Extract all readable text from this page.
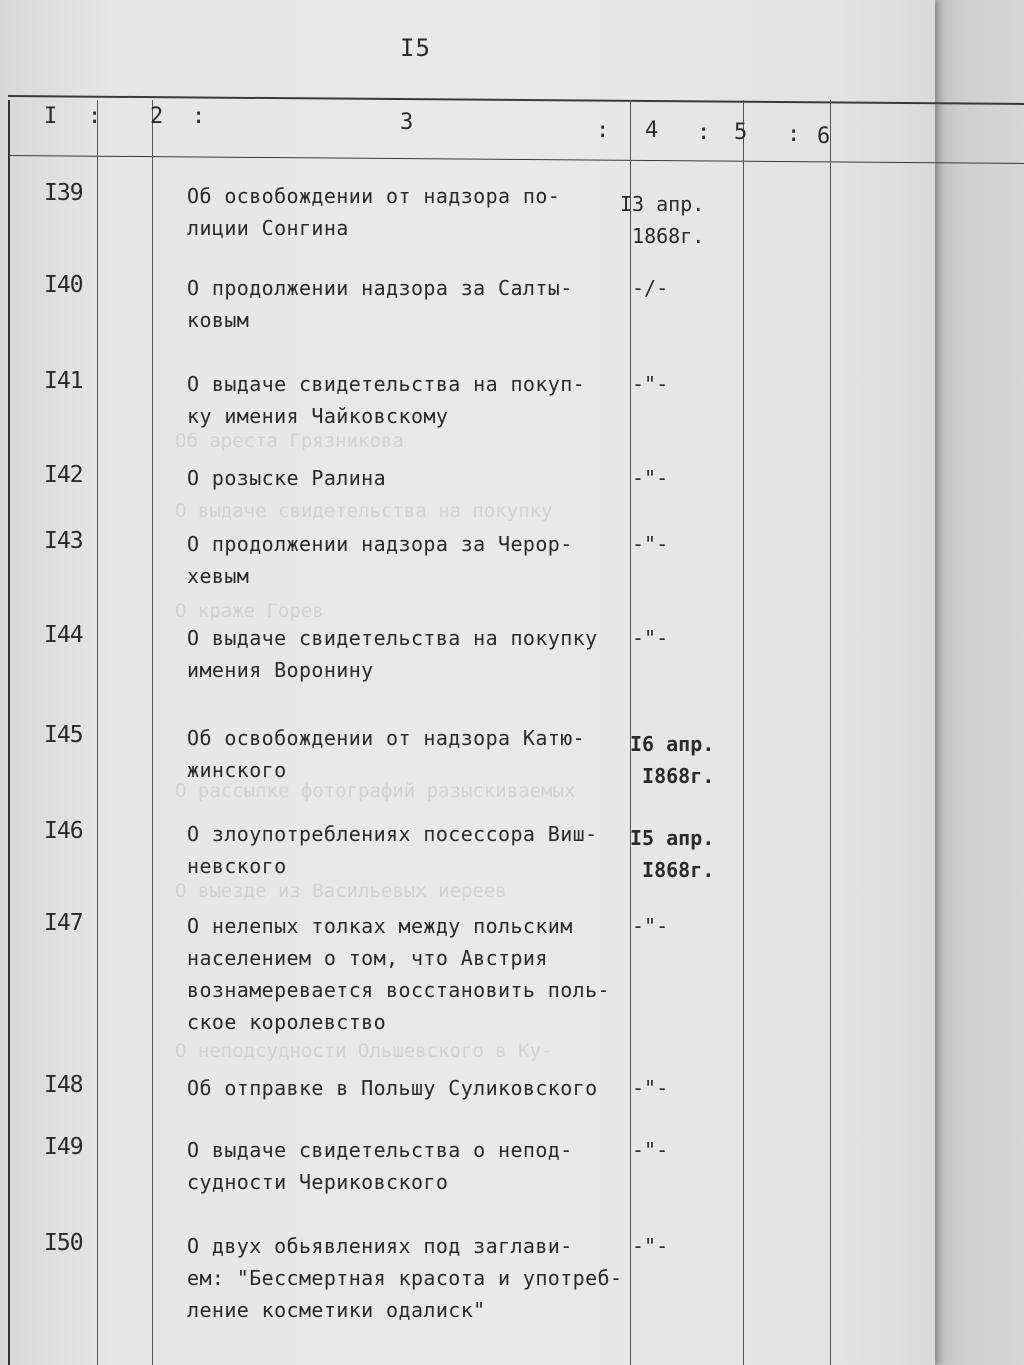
Об ареста Грязникова
О выдаче свидетельства на покупку
О краже Горев
О рассылке фотографий разыскиваемых
О выезде из Васильевых иереев
О неподсудности Ольшевского в Ку-
I5
I : 2 :	3	: 4 : 5 : 6
I39	Об освобождении от надзора по-
лиции Сонгина
I3 апр.
1868г.
I40	О продолжении надзора за Салты-
ковым
-/-
I41	О выдаче свидетельства на покуп-
ку имения Чайковскому
-"-
I42	О розыске Ралина	-"-
I43	О продолжении надзора за Черор-
хевым
-"-
I44	О выдаче свидетельства на покупку
имения Воронину
-"-
I45	Об освобождении от надзора Катю-
жинского
I6 апр.
I868г.
I46	О злоупотреблениях посессора Виш-
невского
I5 апр.
I868г.
I47	О нелепых толках между польским
населением о том, что Австрия
вознамеревается восстановить поль-
ское королевство
-"-
I48	Об отправке в Польшу Суликовского	-"-
I49	О выдаче свидетельства о непод-
судности Чериковского
-"-
I50	О двух обьявлениях под заглави-
ем: "Бессмертная красота и употреб-
ление косметики одалиск"
-"-
